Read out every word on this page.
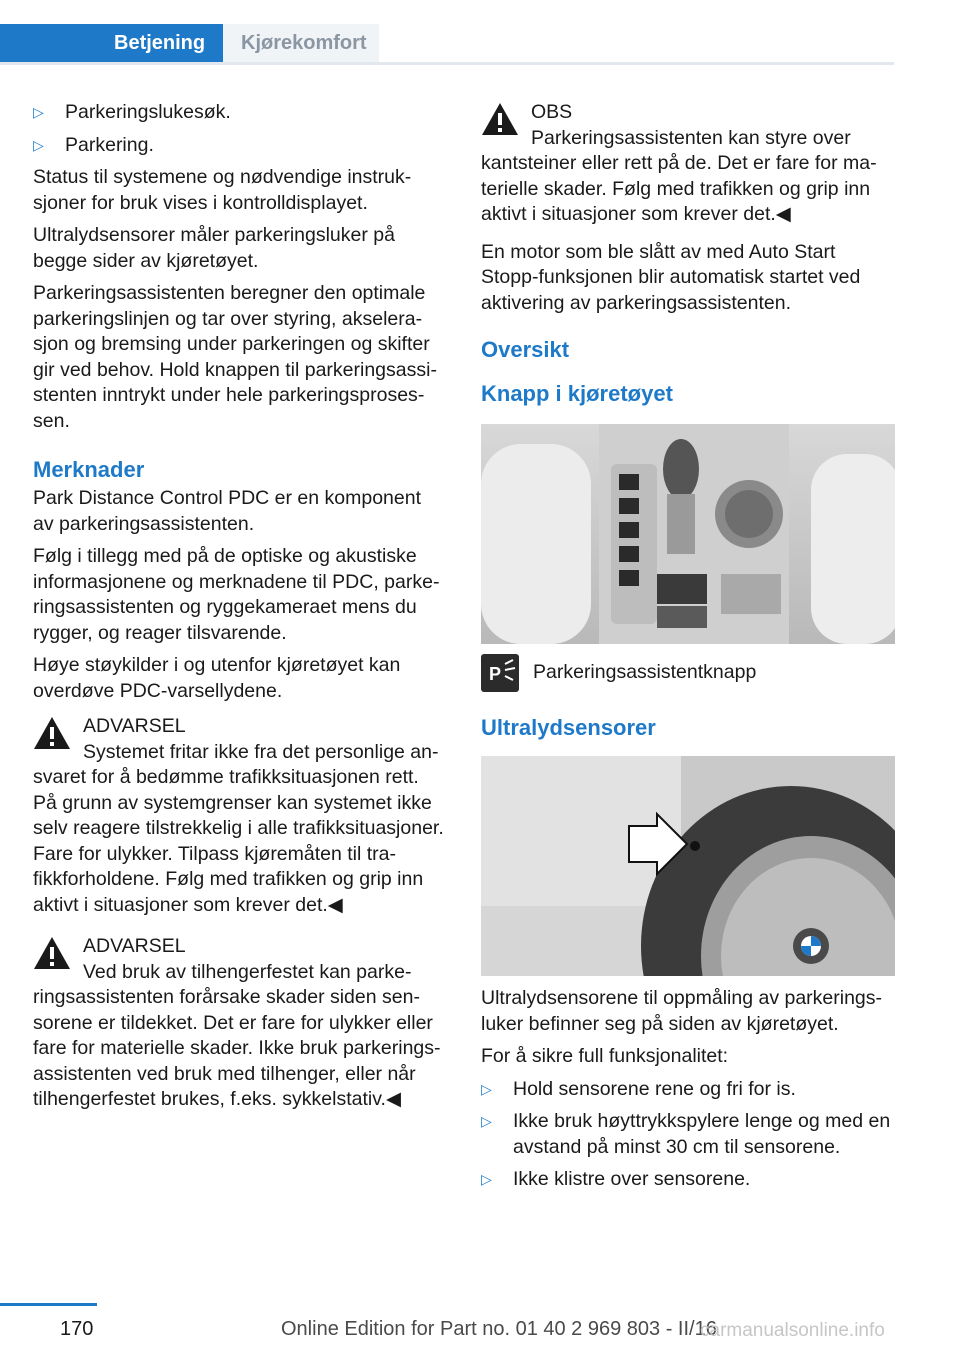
Betjening	Kjørekomfort
▷	Parkeringslukesøk.
▷	Parkering.

Status til systemene og nødvendige instruksjoner for bruk vises i kontrolldisplayet.

Ultralydsensorer måler parkeringsluker på begge sider av kjøretøyet.

Parkeringsassistenten beregner den optimale parkeringslinjen og tar over styring, akselerasjon og bremsing under parkeringen og skifter gir ved behov. Hold knappen til parkeringsassistenten inntrykt under hele parkeringsprosessen.

Merknader

Park Distance Control PDC er en komponent av parkeringsassistenten.

Følg i tillegg med på de optiske og akustiske informasjonene og merknadene til PDC, parkeringsassistenten og ryggekameraet mens du rygger, og reager tilsvarende.

Høye støykilder i og utenfor kjøretøyet kan overdøve PDC-varsellydene.

ADVARSEL
Systemet fritar ikke fra det personlige ansvaret for å bedømme trafikksituasjonen rett. På grunn av systemgrenser kan systemet ikke selv reagere tilstrekkelig i alle trafikksituasjoner. Fare for ulykker. Tilpass kjøremåten til trafikkforholdene. Følg med trafikken og grip inn aktivt i situasjoner som krever det.◀
ADVARSEL
Ved bruk av tilhengerfestet kan parkeringsassistenten forårsake skader siden sensorene er tildekket. Det er fare for ulykker eller fare for materielle skader. Ikke bruk parkeringsassistenten ved bruk med tilhenger, eller når tilhengerfestet brukes, f.eks. sykkelstativ.◀
OBS
Parkeringsassistenten kan styre over kantsteiner eller rett på de. Det er fare for materielle skader. Følg med trafikken og grip inn aktivt i situasjoner som krever det.◀

En motor som ble slått av med Auto Start Stopp-funksjonen blir automatisk startet ved aktivering av parkeringsassistenten.

Oversikt
Knapp i kjøretøyet
P Parkeringsassistentknapp
Ultralydsensorer

Ultralydsensorene til oppmåling av parkeringsluker befinner seg på siden av kjøretøyet.

For å sikre full funksjonalitet:

▷	Hold sensorene rene og fri for is.
▷	Ikke bruk høyttrykkspylere lenge og med en avstand på minst 30 cm til sensorene.
▷	Ikke klistre over sensorene.
170	Online Edition for Part no. 01 40 2 969 803 - II/16
carmanualsonline.info
